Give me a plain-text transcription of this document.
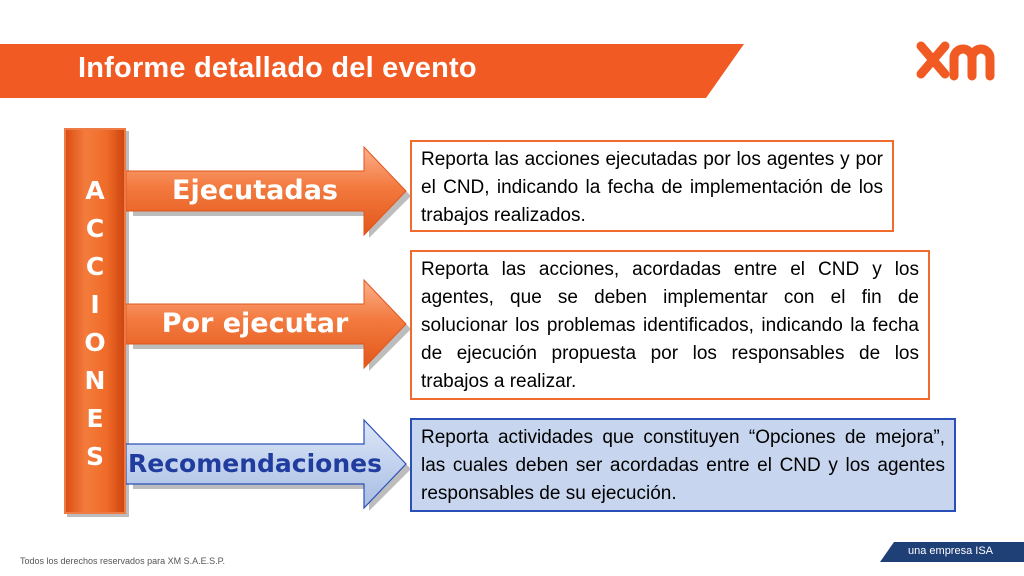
Informe detallado del evento
A
C
C
I
O
N
E
S
Ejecutadas
Por ejecutar
Recomendaciones
Reporta las acciones ejecutadas por los agentes y por el CND, indicando la fecha de implementación de los trabajos realizados.
Reporta las acciones, acordadas entre el CND y los agentes, que se deben implementar con el fin de solucionar los problemas identificados, indicando la fecha de ejecución propuesta por los responsables de los trabajos a realizar.
Reporta actividades que constituyen “Opciones de mejora”, las cuales deben ser acordadas entre el CND y los agentes responsables de su ejecución.
Todos los derechos reservados para XM S.A.E.S.P.
una empresa ISA
